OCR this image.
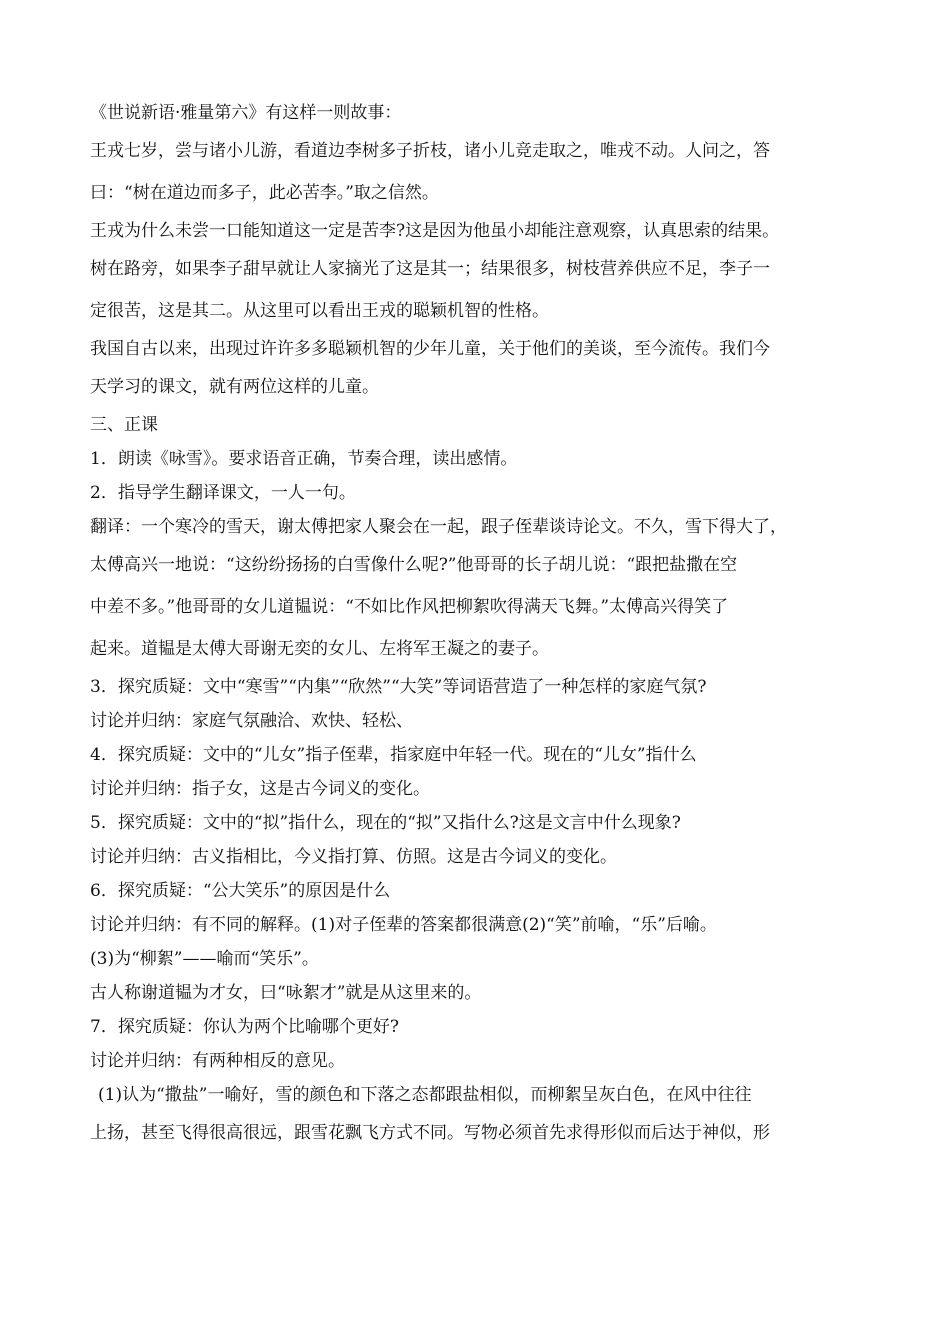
《世说新语·雅量第六》有这样一则故事：
王戎七岁，尝与诸小儿游，看道边李树多子折枝，诸小儿竞走取之，唯戎不动。人问之，答
曰：“树在道边而多子，此必苦李。”取之信然。
王戎为什么未尝一口能知道这一定是苦李?这是因为他虽小却能注意观察，认真思索的结果。
树在路旁，如果李子甜早就让人家摘光了这是其一；结果很多，树枝营养供应不足，李子一
定很苦，这是其二。从这里可以看出王戎的聪颖机智的性格。
我国自古以来，出现过许许多多聪颖机智的少年儿童，关于他们的美谈，至今流传。我们今
天学习的课文，就有两位这样的儿童。
三、正课
1．朗读《咏雪》。要求语音正确，节奏合理，读出感情。
2．指导学生翻译课文，一人一句。
翻译：一个寒冷的雪天，谢太傅把家人聚会在一起，跟子侄辈谈诗论文。不久，雪下得大了，
太傅高兴一地说：“这纷纷扬扬的白雪像什么呢?”他哥哥的长子胡儿说：“跟把盐撒在空
中差不多。”他哥哥的女儿道韫说：“不如比作风把柳絮吹得满天飞舞。”太傅高兴得笑了
起来。道韫是太傅大哥谢无奕的女儿、左将军王凝之的妻子。
3．探究质疑：文中“寒雪”“内集”“欣然”“大笑”等词语营造了一种怎样的家庭气氛?
讨论并归纳：家庭气氛融洽、欢快、轻松、
4．探究质疑：文中的“儿女”指子侄辈，指家庭中年轻一代。现在的“儿女”指什么
讨论并归纳：指子女，这是古今词义的变化。
5．探究质疑：文中的“拟”指什么，现在的“拟”又指什么?这是文言中什么现象?
讨论并归纳：古义指相比，今义指打算、仿照。这是古今词义的变化。
6．探究质疑：“公大笑乐”的原因是什么
讨论并归纳：有不同的解释。(1)对子侄辈的答案都很满意(2)“笑”前喻，“乐”后喻。
(3)为“柳絮”——喻而“笑乐”。
古人称谢道韫为才女，曰“咏絮才”就是从这里来的。
7．探究质疑：你认为两个比喻哪个更好?
讨论并归纳：有两种相反的意见。
(1)认为“撒盐”一喻好，雪的颜色和下落之态都跟盐相似，而柳絮呈灰白色，在风中往往
上扬，甚至飞得很高很远，跟雪花飘飞方式不同。写物必须首先求得形似而后达于神似，形
